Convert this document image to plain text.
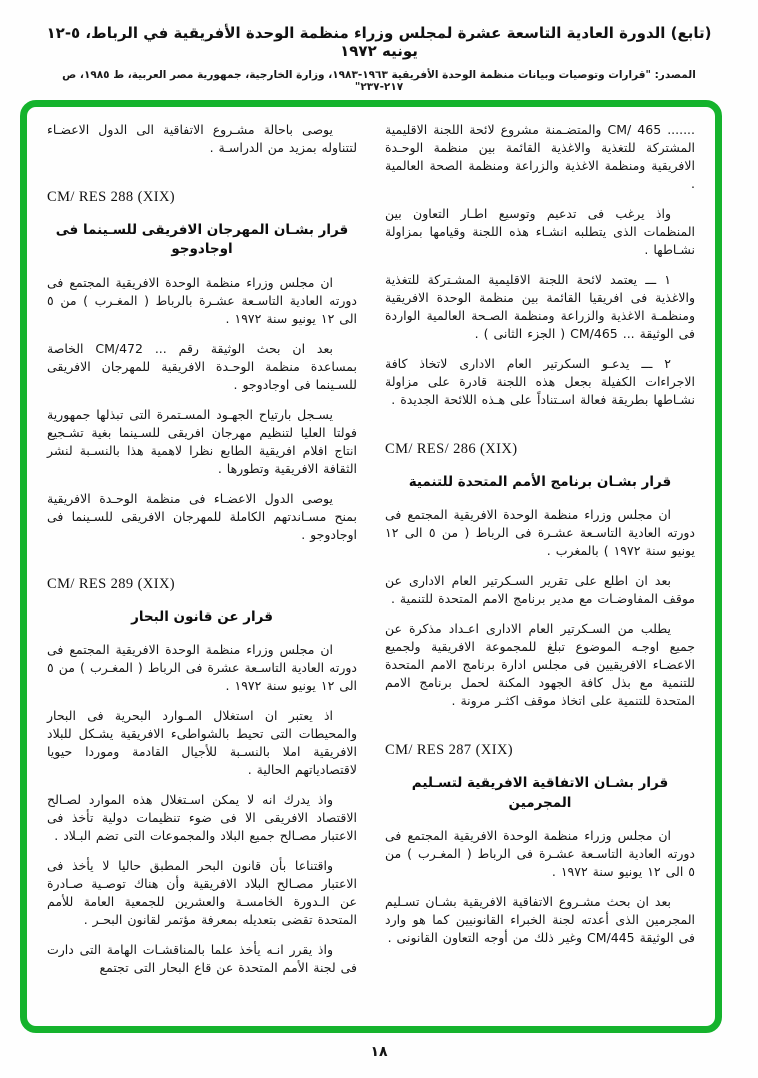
(تابع) الدورة العادية التاسعة عشرة لمجلس وزراء منظمة الوحدة الأفريقية في الرباط، ٥-١٢ يونيه ١٩٧٢
المصدر: "قرارات وتوصيات وبيانات منظمة الوحدة الأفريقية ١٩٦٣-١٩٨٣، وزارة الخارجية، جمهورية مصر العربية، ط ١٩٨٥، ص ٢١٧-٢٣٧"

‪CM/ 465 .......‬ والمتضـمنة مشروع لائحة اللجنة الاقليمية المشتركة للتغذية والاغذية القائمة بين منظمة الوحـدة الافريقية ومنظمة الاغذية والزراعة ومنظمة الصحة العالمية .

واذ يرغب فى تدعيم وتوسيع اطـار التعاون بين المنظمات الذى يتطلبه انشـاء هذه اللجنة وقيامها بمزاولة نشـاطها .

١ ـــ يعتمد لائحة اللجنة الاقليمية المشـتركة للتغذية والاغذية فى افريقيا القائمة بين منظمة الوحدة الافريقية ومنظمـة الاغذية والزراعة ومنظمة الصـحة العالمية الواردة فى الوثيقة ... CM/465 ( الجزء الثانى ) .

٢ ـــ يدعـو السكرتير العام الادارى لاتخاذ كافة الاجراءات الكفيلة بجعل هذه اللجنة قادرة على مزاولة نشـاطها بطريقة فعالة اسـتناداً على هـذه اللائحة الجديدة .

CM/ RES/ 286 (XIX)

قرار بشـان برنامج الأمم المتحدة للتنمية

ان مجلس وزراء منظمة الوحدة الافريقية المجتمع فى دورته العادية التاسـعة عشـرة فى الرباط ( من ٥ الى ١٢ يونيو سنة ١٩٧٢ ) بالمغرب .

بعد ان اطلع على تقرير السـكرتير العام الادارى عن موقف المفاوضـات مع مدير برنامج الامم المتحدة للتنمية .

يطلب من السـكرتير العام الادارى اعـداد مذكرة عن جميع اوجـه الموضوع تبلغ للمجموعة الافريقية ولجميع الاعضـاء الافريقيين فى مجلس ادارة برنامج الامم المتحدة للتنمية مع بذل كافة الجهود المكنة لحمل برنامج الامم المتحدة للتنمية على اتخاذ موقف اكثـر مرونة .

CM/ RES 287 (XIX)

قرار بشـان الاتفاقية الافريقية لتسـليم المجرمين

ان مجلس وزراء منظمة الوحدة الافريقية المجتمع فى دورته العادية التاسـعة عشـرة فى الرباط ( المغـرب ) من ٥ الى ١٢ يونيو سنة ١٩٧٢ .

بعد ان بحث مشـروع الاتفاقية الافريقية بشـان تسـليم المجرمين الذى أعدته لجنة الخبراء القانونيين كما هو وارد فى الوثيقة CM/445 وغير ذلك من أوجه التعاون القانونى .

يوصى باحالة مشـروع الاتفاقية الى الدول الاعضـاء لتتناوله بمزيد من الدراسـة .

CM/ RES 288 (XIX)

قرار بشـان المهرجان الافريقى للسـينما فى اوجادوجو

ان مجلس وزراء منظمة الوحدة الافريقية المجتمع فى دورته العادية التاسـعة عشـرة بالرباط ( المغـرب ) من ٥ الى ١٢ يونيو سنة ١٩٧٢ .

بعد ان بحث الوثيقة رقم ... CM/472 الخاصة بمساعدة منظمة الوحـدة الافريقية للمهرجان الافريقى للسـينما فى اوجادوجو .

يسـجل بارتياح الجهـود المسـتمرة التى تبذلها جمهورية فولتا العليا لتنظيم مهرجان افريقى للسـينما بغية تشـجيع انتاج افلام افريقية الطابع نظرا لاهمية هذا بالنسـبة لنشر الثقافة الافريقية وتطورها .

يوصى الدول الاعضـاء فى منظمة الوحـدة الافريقية بمنح مسـاندتهم الكاملة للمهرجان الافريقى للسـينما فى اوجادوجو .

CM/ RES 289 (XIX)

قرار عن قانون البحار

ان مجلس وزراء منظمة الوحدة الافريقية المجتمع فى دورته العادية التاسـعة عشرة فى الرباط ( المغـرب ) من ٥ الى ١٢ يونيو سنة ١٩٧٢ .

اذ يعتبر ان استغلال المـوارد البحرية فى البحار والمحيطات التى تحيط بالشواطىء الافريقية يشـكل للبلاد الافريقية املا بالنسـبة للأجيال القادمة وموردا حيويا لاقتصادياتهم الحالية .

واذ يدرك انه لا يمكن اسـتغلال هذه الموارد لصـالح الاقتصاد الافريقى الا فى ضوء تنظيمات دولية تأخذ فى الاعتبار مصـالح جميع البلاد والمجموعات التى تضم البـلاد .

واقتناعا بأن قانون البحر المطبق حاليا لا يأخذ فى الاعتبار مصـالح البلاد الافريقية وأن هناك توصـية صـادرة عن الـدورة الخامسـة والعشرين للجمعية العامة للأمم المتحدة تقضى بتعديله بمعرفة مؤتمر لقانون البحـر .

واذ يقرر انـه يأخذ علما بالمناقشـات الهامة التى دارت فى لجنة الأمم المتحدة عن قاع البحار التى تجتمع

١٨
